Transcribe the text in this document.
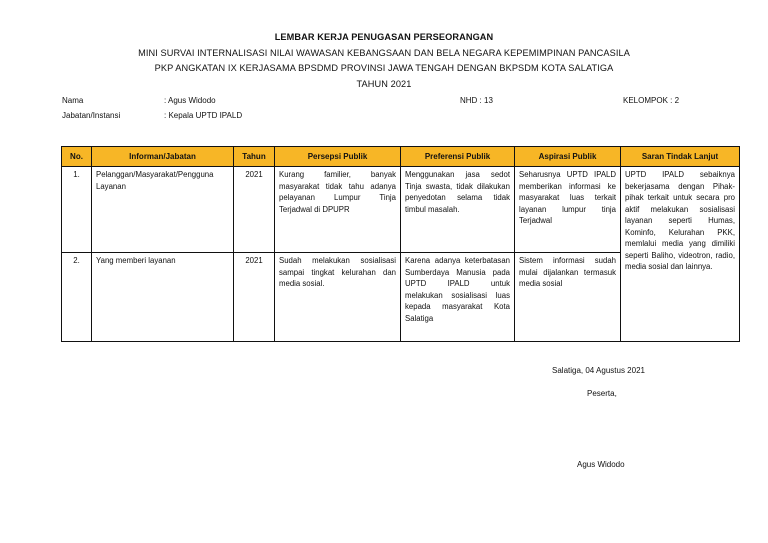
LEMBAR KERJA PENUGASAN PERSEORANGAN
MINI SURVAI INTERNALISASI NILAI WAWASAN KEBANGSAAN DAN BELA NEGARA KEPEMIMPINAN PANCASILA
PKP ANGKATAN IX KERJASAMA BPSDMD PROVINSI JAWA TENGAH DENGAN BKPSDM KOTA SALATIGA
TAHUN 2021
Nama	: Agus Widodo	NHD : 13	KELOMPOK : 2
Jabatan/Instansi	: Kepala UPTD IPALD
No.	Informan/Jabatan	Tahun	Persepsi Publik	Preferensi Publik	Aspirasi Publik	Saran Tindak Lanjut
1.	Pelanggan/Masyarakat/Pengguna Layanan	2021	Kurang familier, banyak masyarakat tidak tahu adanya pelayanan Lumpur Tinja Terjadwal di DPUPR	Menggunakan jasa sedot Tinja swasta, tidak dilakukan penyedotan selama tidak timbul masalah.	Seharusnya UPTD IPALD memberikan informasi ke masyarakat luas terkait layanan lumpur tinja Terjadwal	UPTD IPALD sebaiknya bekerjasama dengan Pihak-pihak terkait untuk secara pro aktif melakukan sosialisasi layanan seperti Humas, Kominfo, Kelurahan PKK, memlalui media yang dimiliki seperti Baliho, videotron, radio, media sosial dan lainnya.
2.	Yang memberi layanan	2021	Sudah melakukan sosialisasi sampai tingkat kelurahan dan media sosial.	Karena adanya keterbatasan Sumberdaya Manusia pada UPTD IPALD untuk melakukan sosialisasi luas kepada masyarakat Kota Salatiga	Sistem informasi sudah mulai dijalankan termasuk media sosial	
Salatiga, 04 Agustus 2021
Peserta,
Agus Widodo
